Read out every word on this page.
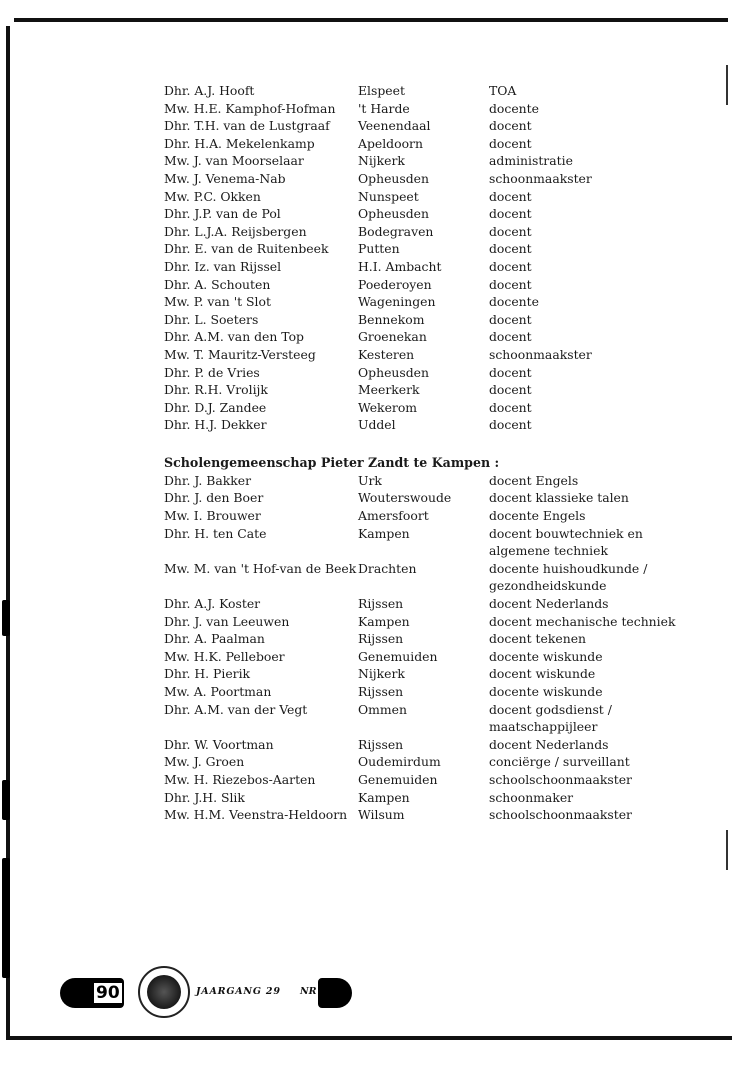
Dhr. A.J. Hooft	Elspeet	TOA
Mw. H.E. Kamphof-Hofman	't Harde	docente
Dhr. T.H. van de Lustgraaf	Veenendaal	docent
Dhr. H.A. Mekelenkamp	Apeldoorn	docent
Mw. J. van Moorselaar	Nijkerk	administratie
Mw. J. Venema-Nab	Opheusden	schoonmaakster
Mw. P.C. Okken	Nunspeet	docent
Dhr. J.P. van de Pol	Opheusden	docent
Dhr. L.J.A. Reijsbergen	Bodegraven	docent
Dhr. E. van de Ruitenbeek	Putten	docent
Dhr. Iz. van Rijssel	H.I. Ambacht	docent
Dhr. A. Schouten	Poederoyen	docent
Mw. P. van 't Slot	Wageningen	docente
Dhr. L. Soeters	Bennekom	docent
Dhr. A.M. van den Top	Groenekan	docent
Mw. T. Mauritz-Versteeg	Kesteren	schoonmaakster
Dhr. P. de Vries	Opheusden	docent
Dhr. R.H. Vrolijk	Meerkerk	docent
Dhr. D.J. Zandee	Wekerom	docent
Dhr. H.J. Dekker	Uddel	docent
Scholengemeenschap Pieter Zandt te Kampen :
Dhr. J. Bakker	Urk	docent Engels
Dhr. J. den Boer	Wouterswoude	docent klassieke talen
Mw. I. Brouwer	Amersfoort	docente Engels
Dhr. H. ten Cate	Kampen	docent bouwtechniek en algemene techniek
Mw. M. van 't Hof-van de Beek Drachten	docente huishoudkunde / gezondheidskunde
Dhr. A.J. Koster	Rijssen	docent Nederlands
Dhr. J. van Leeuwen	Kampen	docent mechanische techniek
Dhr. A. Paalman	Rijssen	docent tekenen
Mw. H.K. Pelleboer	Genemuiden	docente wiskunde
Dhr. H. Pierik	Nijkerk	docent wiskunde
Mw. A. Poortman	Rijssen	docente wiskunde
Dhr. A.M. van der Vegt	Ommen	docent godsdienst / maatschappijleer
Dhr. W. Voortman	Rijssen	docent Nederlands
Mw. J. Groen	Oudemirdum	conciërge / surveillant
Mw. H. Riezebos-Aarten	Genemuiden	schoolschoonmaakster
Dhr. J.H. Slik	Kampen	schoonmaker
Mw. H.M. Veenstra-Heldoorn Wilsum	schoolschoonmaakster
90	JAARGANG 29 NR
